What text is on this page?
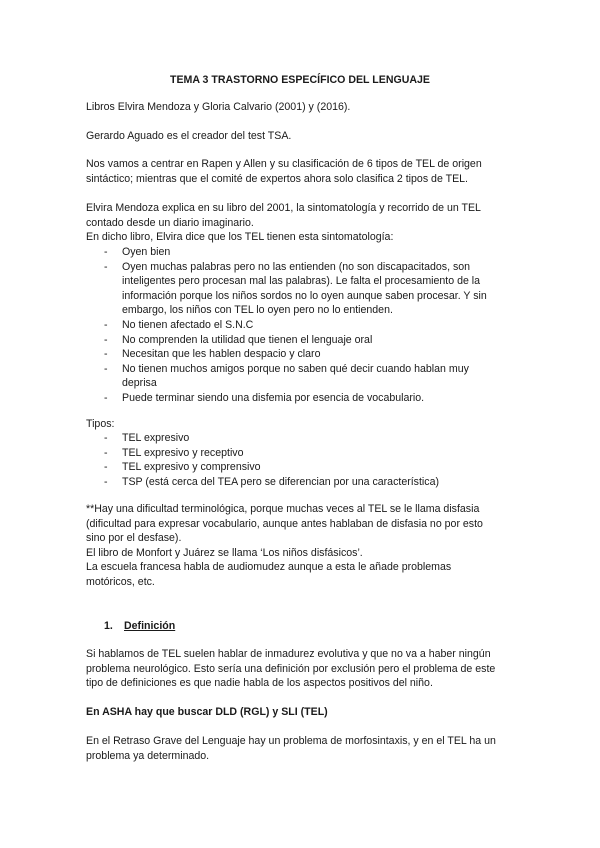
TEMA 3 TRASTORNO ESPECÍFICO DEL LENGUAJE

Libros Elvira Mendoza y Gloria Calvario (2001) y (2016).

Gerardo Aguado es el creador del test TSA.

Nos vamos a centrar en Rapen y Allen y su clasificación de 6 tipos de TEL de origen
sintáctico; mientras que el comité de expertos ahora solo clasifica 2 tipos de TEL.
Elvira Mendoza explica en su libro del 2001, la sintomatología y recorrido de un TEL
contado desde un diario imaginario.
En dicho libro, Elvira dice que los TEL tienen esta sintomatología:
- Oyen bien
- Oyen muchas palabras pero no las entienden (no son discapacitados, son
inteligentes pero procesan mal las palabras). Le falta el procesamiento de la
información porque los niños sordos no lo oyen aunque saben procesar. Y sin
embargo, los niños con TEL lo oyen pero no lo entienden.
- No tienen afectado el S.N.C
- No comprenden la utilidad que tienen el lenguaje oral
- Necesitan que les hablen despacio y claro
- No tienen muchos amigos porque no saben qué decir cuando hablan muy
deprisa
- Puede terminar siendo una disfemia por esencia de vocabulario.

Tipos:

- TEL expresivo
- TEL expresivo y receptivo
- TEL expresivo y comprensivo
- TSP (está cerca del TEA pero se diferencian por una característica)
**Hay una dificultad terminológica, porque muchas veces al TEL se le llama disfasia
(dificultad para expresar vocabulario, aunque antes hablaban de disfasia no por esto
sino por el desfase).
El libro de Monfort y Juárez se llama ‘Los niños disfásicos’.
La escuela francesa habla de audiomudez aunque a esta le añade problemas
motóricos, etc.
1. Definición
Si hablamos de TEL suelen hablar de inmadurez evolutiva y que no va a haber ningún
problema neurológico. Esto sería una definición por exclusión pero el problema de este
tipo de definiciones es que nadie habla de los aspectos positivos del niño.

En ASHA hay que buscar DLD (RGL) y SLI (TEL)

En el Retraso Grave del Lenguaje hay un problema de morfosintaxis, y en el TEL ha un
problema ya determinado.
